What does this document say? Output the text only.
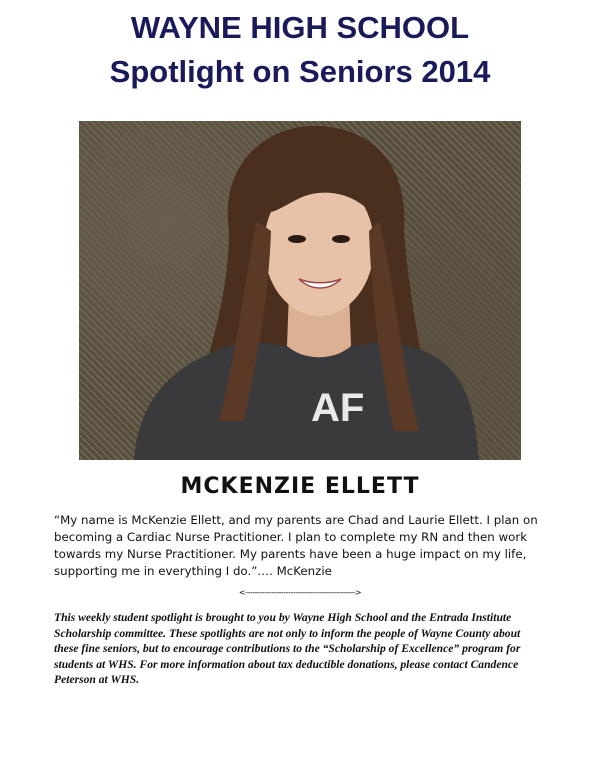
WAYNE HIGH SCHOOL
Spotlight on Seniors 2014
AF
MCKENZIE ELLETT

“My name is McKenzie Ellett, and my parents are Chad and Laurie Ellett. I plan on becoming a Cardiac Nurse Practitioner. I plan to complete my RN and then work towards my Nurse Practitioner. My parents have been a huge impact on my life, supporting me in everything I do.”…. McKenzie

<---------------------------------------------->

This weekly student spotlight is brought to you by Wayne High School and the Entrada Institute Scholarship committee. These spotlights are not only to inform the people of Wayne County about these fine seniors, but to encourage contributions to the “Scholarship of Excellence” program for students at WHS. For more information about tax deductible donations, please contact Candence Peterson at WHS.
